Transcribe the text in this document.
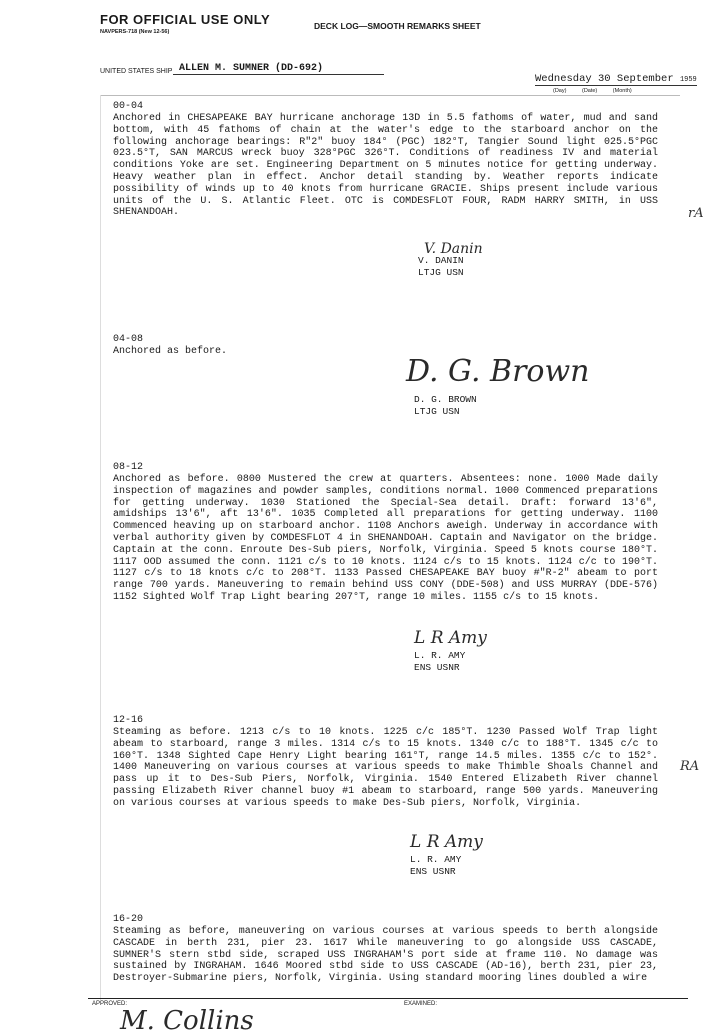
FOR OFFICIAL USE ONLY
NAVPERS-718 (New 12-56)
DECK LOG—SMOOTH REMARKS SHEET
UNITED STATES SHIP ALLEN M. SUMNER (DD-692)
Wednesday 30 September 1959
(Day)	(Date)	(Month)
00-04
Anchored in CHESAPEAKE BAY hurricane anchorage 13D in 5.5 fathoms of water, mud and sand bottom, with 45 fathoms of chain at the water's edge to the starboard anchor on the following anchorage bearings: R"2" buoy 184° (PGC) 182°T, Tangier Sound light 025.5°PGC 023.5°T, SAN MARCUS wreck buoy 328°PGC 326°T. Conditions of readiness IV and material conditions Yoke are set. Engineering Department on 5 minutes notice for getting underway. Heavy weather plan in effect. Anchor detail standing by. Weather reports indicate possibility of winds up to 40 knots from hurricane GRACIE. Ships present include various units of the U. S. Atlantic Fleet. OTC is COMDESFLOT FOUR, RADM HARRY SMITH, in USS SHENANDOAH.	rA
V. Danin
V. DANIN
LTJG USN
04-08
Anchored as before.
D. G. Brown
D. G. BROWN
LTJG USN
08-12
Anchored as before. 0800 Mustered the crew at quarters. Absentees: none. 1000 Made daily inspection of magazines and powder samples, conditions normal. 1000 Commenced preparations for getting underway. 1030 Stationed the Special-Sea detail. Draft: forward 13'6", amidships 13'6", aft 13'6". 1035 Completed all preparations for getting underway. 1100 Commenced heaving up on starboard anchor. 1108 Anchors aweigh. Underway in accordance with verbal authority given by COMDESFLOT 4 in SHENANDOAH. Captain and Navigator on the bridge. Captain at the conn. Enroute Des-Sub piers, Norfolk, Virginia. Speed 5 knots course 180°T. 1117 OOD assumed the conn. 1121 c/s to 10 knots. 1124 c/s to 15 knots. 1124 c/c to 190°T. 1127 c/s to 18 knots c/c to 208°T. 1133 Passed CHESAPEAKE BAY buoy #"R-2" abeam to port range 700 yards. Maneuvering to remain behind USS CONY (DDE-508) and USS MURRAY (DDE-576) 1152 Sighted Wolf Trap Light bearing 207°T, range 10 miles. 1155 c/s to 15 knots.
L R Amy
L. R. AMY
ENS USNR
12-16
Steaming as before. 1213 c/s to 10 knots. 1225 c/c 185°T. 1230 Passed Wolf Trap light abeam to starboard, range 3 miles. 1314 c/s to 15 knots. 1340 c/c to 188°T. 1345 c/c to 160°T. 1348 Sighted Cape Henry Light bearing 161°T, range 14.5 miles. 1355 c/c to 152°. 1400 Maneuvering on various courses at various speeds to make Thimble Shoals Channel and pass up it to Des-Sub Piers, Norfolk, Virginia. 1540 Entered Elizabeth River channel passing Elizabeth River channel buoy #1 abeam to starboard, range 500 yards. Maneuvering on various courses at various speeds to make Des-Sub piers, Norfolk, Virginia.
RA
L R Amy
L. R. AMY
ENS USNR
16-20
Steaming as before, maneuvering on various courses at various speeds to berth alongside CASCADE in berth 231, pier 23. 1617 While maneuvering to go alongside USS CASCADE, SUMNER'S stern stbd side, scraped USS INGRAHAM'S port side at frame 110. No damage was sustained by INGRAHAM. 1646 Moored stbd side to USS CASCADE (AD-16), berth 231, pier 23, Destroyer-Submarine piers, Norfolk, Virginia. Using standard mooring lines doubled a wire
APPROVED:	EXAMINED:
M. Collins
